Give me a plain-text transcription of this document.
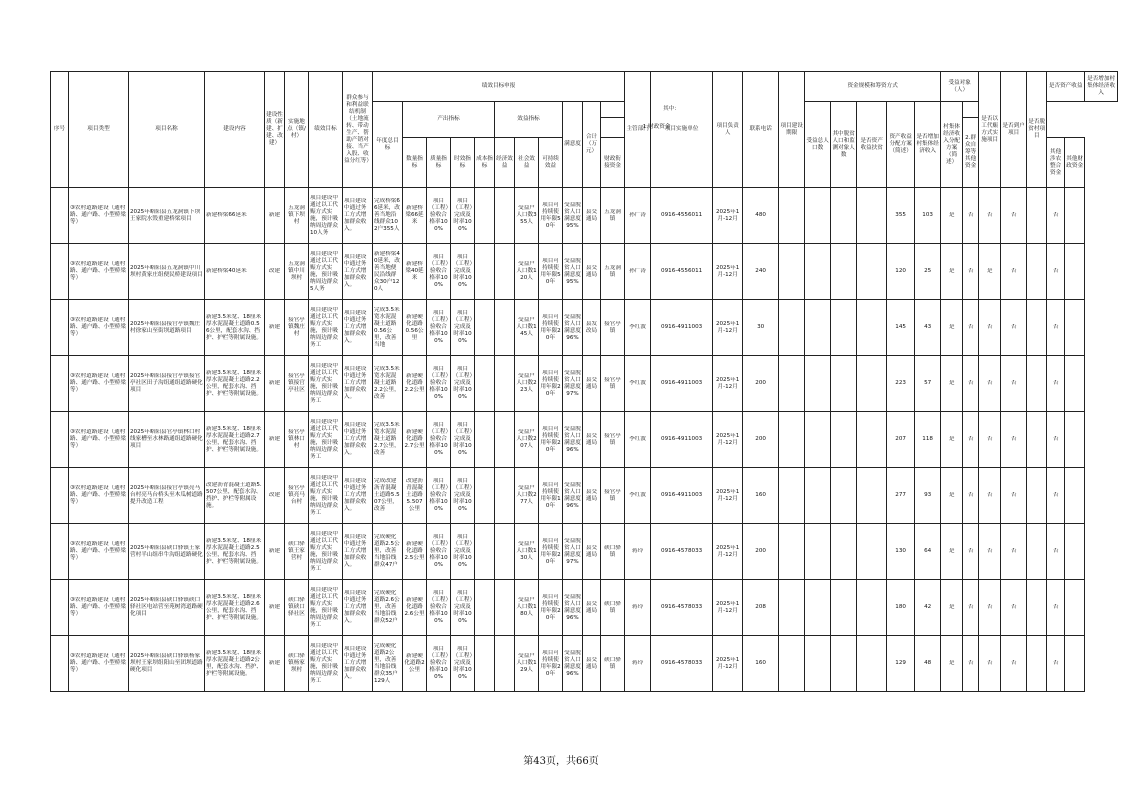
序号	项目类型	项目名称	建设内容	建设性质（新建、扩建、改建）	实施地点（镇/村）	绩效目标	群众参与和利益联结机制（土地流转、带动生产、帮助产销对接、当产入股、收益分红等）	绩效目标申报											主管部门	项目实施单位	项目负责人	联系电话	项目建设期限	资金规模和筹资方式					受益对象（人）		是否以工代赈方式实施项目	是否到户项目	是否脱贫村项目	是否资产收益		是否增加村集体经济收入
								年度总目标	产出指标				效益指标			满意度	合计（万元）	其中：						受益总人口数	其中脱贫人口和监测对象人数	是否资产收益扶贫	资产收益分配方案（简述）	是否增加村集体经济收入	村集体经济收入分配方案（简述）							
																		1.财政资金												2.群众自筹等其他资金						
									数量指标	质量指标	时效指标	成本指标	经济效益	社会效益	可持续效益			财政衔接资金																其他涉农整合资金	其他财政资金	

	③农村道路建设（通村路、通户路、小型桥梁等）	2025年略阳县五龙洞镇下坝王家院水毁重建桥梁项目	新建桥梁66延米	新建	五龙洞镇下坝村	项目建设中通过以工代赈方式实施，预计吸纳周边群众10人务	项目建设中通过务工方式增加群众收入。	完成桥梁66延米，改善当地沿线群众102户355人	新建桥梁66延米	项目（工程）验收合格率100%	项目（工程）完成及时率100%			受益户人口数355人	项目可持续使用年限50年	受益脱贫人口满意度95%	县交通局	五龙洞镇	孙广涛	0916-4556011	2025年1月-12月	480					355	103	是	否	否	否		否		

	③农村道路建设（通村路、通户路、小型桥梁等）	2025年略阳县五龙洞镇中川坝村黄家庄组便民桥建设项目	新建桥梁40延米	改建	五龙洞镇中川坝村	项目建设中通过以工代赈方式实施，预计吸纳周边群众5人务	项目建设中通过务工方式增加群众收入。	新建桥梁40延米，改善当地便民沿线群众30户120人	新建桥梁40延米	项目（工程）验收合格率100%	项目（工程）完成及时率100%			受益户人口数120人	项目可持续使用年限50年	受益脱贫人口满意度95%	县交通局	五龙洞镇	孙广涛	0916-4556011	2025年1月-12月	240					120	25	是	否	是	否		否		

	③农村道路建设（通村路、通户路、小型桥梁等）	2025年略阳县接官亭镇魏庄村徐家山至街坝道路项目	新建3.5米宽、18厘米厚水泥混凝土道路0.56公里，配套水沟、挡护、护栏等附属设施。	新建	接官亭镇魏庄村	项目建设中通过以工代赈方式实施，预计吸纳周边群众务工	项目建设中通过务工方式增加群众收入。	完成3.5米宽水泥混凝土道路0.56公里，改善当地	新建硬化道路0.56公里	项目（工程）验收合格率100%	项目（工程）完成及时率100%			受益户人口数145人	项目可持续使用年限20年	受益脱贫人口满意度96%	县发改局	接官亭镇	李红波	0916-4911003	2025年1月-12月	30					145	43	是	否	否	否		否		

	③农村道路建设（通村路、通户路、小型桥梁等）	2025年略阳县接官亭镇接官亭社区田子沟组通组道路硬化项目	新建3.5米宽、18厘米厚水泥混凝土道路2.2公里，配套水沟、挡护、护栏等附属设施。	新建	接官亭镇接官亭社区	项目建设中通过以工代赈方式实施，预计吸纳周边群众务工	项目建设中通过务工方式增加群众收入。	完成3.5米宽水泥混凝土道路2.2公里，改善	新建硬化道路2.2公里	项目（工程）验收合格率100%	项目（工程）完成及时率100%			受益户人口数223人	项目可持续使用年限20年	受益脱贫人口满意度97%	县交通局	接官亭镇	李红波	0916-4911003	2025年1月-12月	200					223	57	是	否	否	否		否		

	③农村道路建设（通村路、通户路、小型桥梁等）	2025年略阳县官亭镇林口村线家槽至水林路通组道路硬化项目	新建3.5米宽、18厘米厚水泥混凝土道路2.7公里，配套水沟、挡护、护栏等附属设施。	新建	接官亭镇林口村	项目建设中通过以工代赈方式实施，预计吸纳周边群众务工	项目建设中通过务工方式增加群众收入。	完成3.5米宽水泥混凝土道路2.7公里，改善	新建硬化道路2.7公里	项目（工程）验收合格率100%	项目（工程）完成及时率100%			受益户人口数207人	项目可持续使用年限20年	受益脱贫人口满意度96%	县交通局	接官亭镇	李红波	0916-4911003	2025年1月-12月	200					207	118	是	否	否	否		否		

	③农村道路建设（通村路、通户路、小型桥梁等）	2025年略阳县接官亭镇亮马台村亮马台桥头至木瓜树道路提升改造工程	改建沥青混凝土道路5.507公里，配套水沟、挡护、护栏等附属设施。	改建	接官亭镇亮马台村	项目建设中通过以工代赈方式实施，预计吸纳周边群众务工	项目建设中通过务工方式增加群众收入。	完成改建沥青混凝土道路5.507公里，改善	改建沥青混凝土道路5.507公里	项目（工程）验收合格率100%	项目（工程）完成及时率100%			受益户人口数277人	项目可持续使用年限10年	受益脱贫人口满意度96%	县交通局	接官亭镇	李红波	0916-4911003	2025年1月-12月	160					277	93	是	否	否	否		否		

	③农村道路建设（通村路、通户路、小型桥梁等）	2025年略阳县硖口驿镇王家营村半山组串牛沟组道路硬化	新建3.5米宽、18厘米厚水泥混凝土道路2.5公里，配套水沟、挡护、护栏等附属设施。	新建	硖口驿镇王家营村	项目建设中通过以工代赈方式实施，预计吸纳周边群众务工	项目建设中通过务工方式增加群众收入。	完成硬化道路2.5公里，改善当地沿线群众47户	新建硬化道路2.5公里	项目（工程）验收合格率100%	项目（工程）完成及时率100%			受益户人口数130人	项目可持续使用年限20年	受益脱贫人口满意度97%	县交通局	硖口驿镇	蒋玲	0916-4578033	2025年1月-12月	200					130	64	是	否	否	否		否		

	③农村道路建设（通村路、通户路、小型桥梁等）	2025年略阳县硖口驿镇硖口驿社区电站营至苑树湾道路硬化项目	新建3.5米宽、18厘米厚水泥混凝土道路2.6公里，配套水沟、挡护、护栏等附属设施。	新建	硖口驿镇硖口驿社区	项目建设中通过以工代赈方式实施，预计吸纳周边群众务工	项目建设中通过务工方式增加群众收入。	完成硬化道路2.6公里，改善当地沿线群众52户	新建硬化道路2.6公里	项目（工程）验收合格率100%	项目（工程）完成及时率100%			受益户人口数180人	项目可持续使用年限20年	受益脱贫人口满意度96%	县交通局	硖口驿镇	蒋玲	0916-4578033	2025年1月-12月	208					180	42	是	否	否	否		否		

	③农村道路建设（通村路、通户路、小型桥梁等）	2025年略阳县硖口驿镇杨家坝村王家坝组阳山至团坝道路硬化项目	新建3.5米宽、18厘米厚水泥混凝土道路2公里，配套水沟、挡护、护栏等附属设施。	新建	硖口驿镇杨家坝村	项目建设中通过以工代赈方式实施，预计吸纳周边群众务工	项目建设中通过务工方式增加群众收入。	完成硬化道路2公里，改善当地沿线群众35户129人	新建硬化道路2公里	项目（工程）验收合格率100%	项目（工程）完成及时率100%			受益户人口数129人	项目可持续使用年限20年	受益脱贫人口满意度96%	县交通局	硖口驿镇	蒋玲	0916-4578033	2025年1月-12月	160					129	48	是	否	否	否		否		

第43页，共66页
